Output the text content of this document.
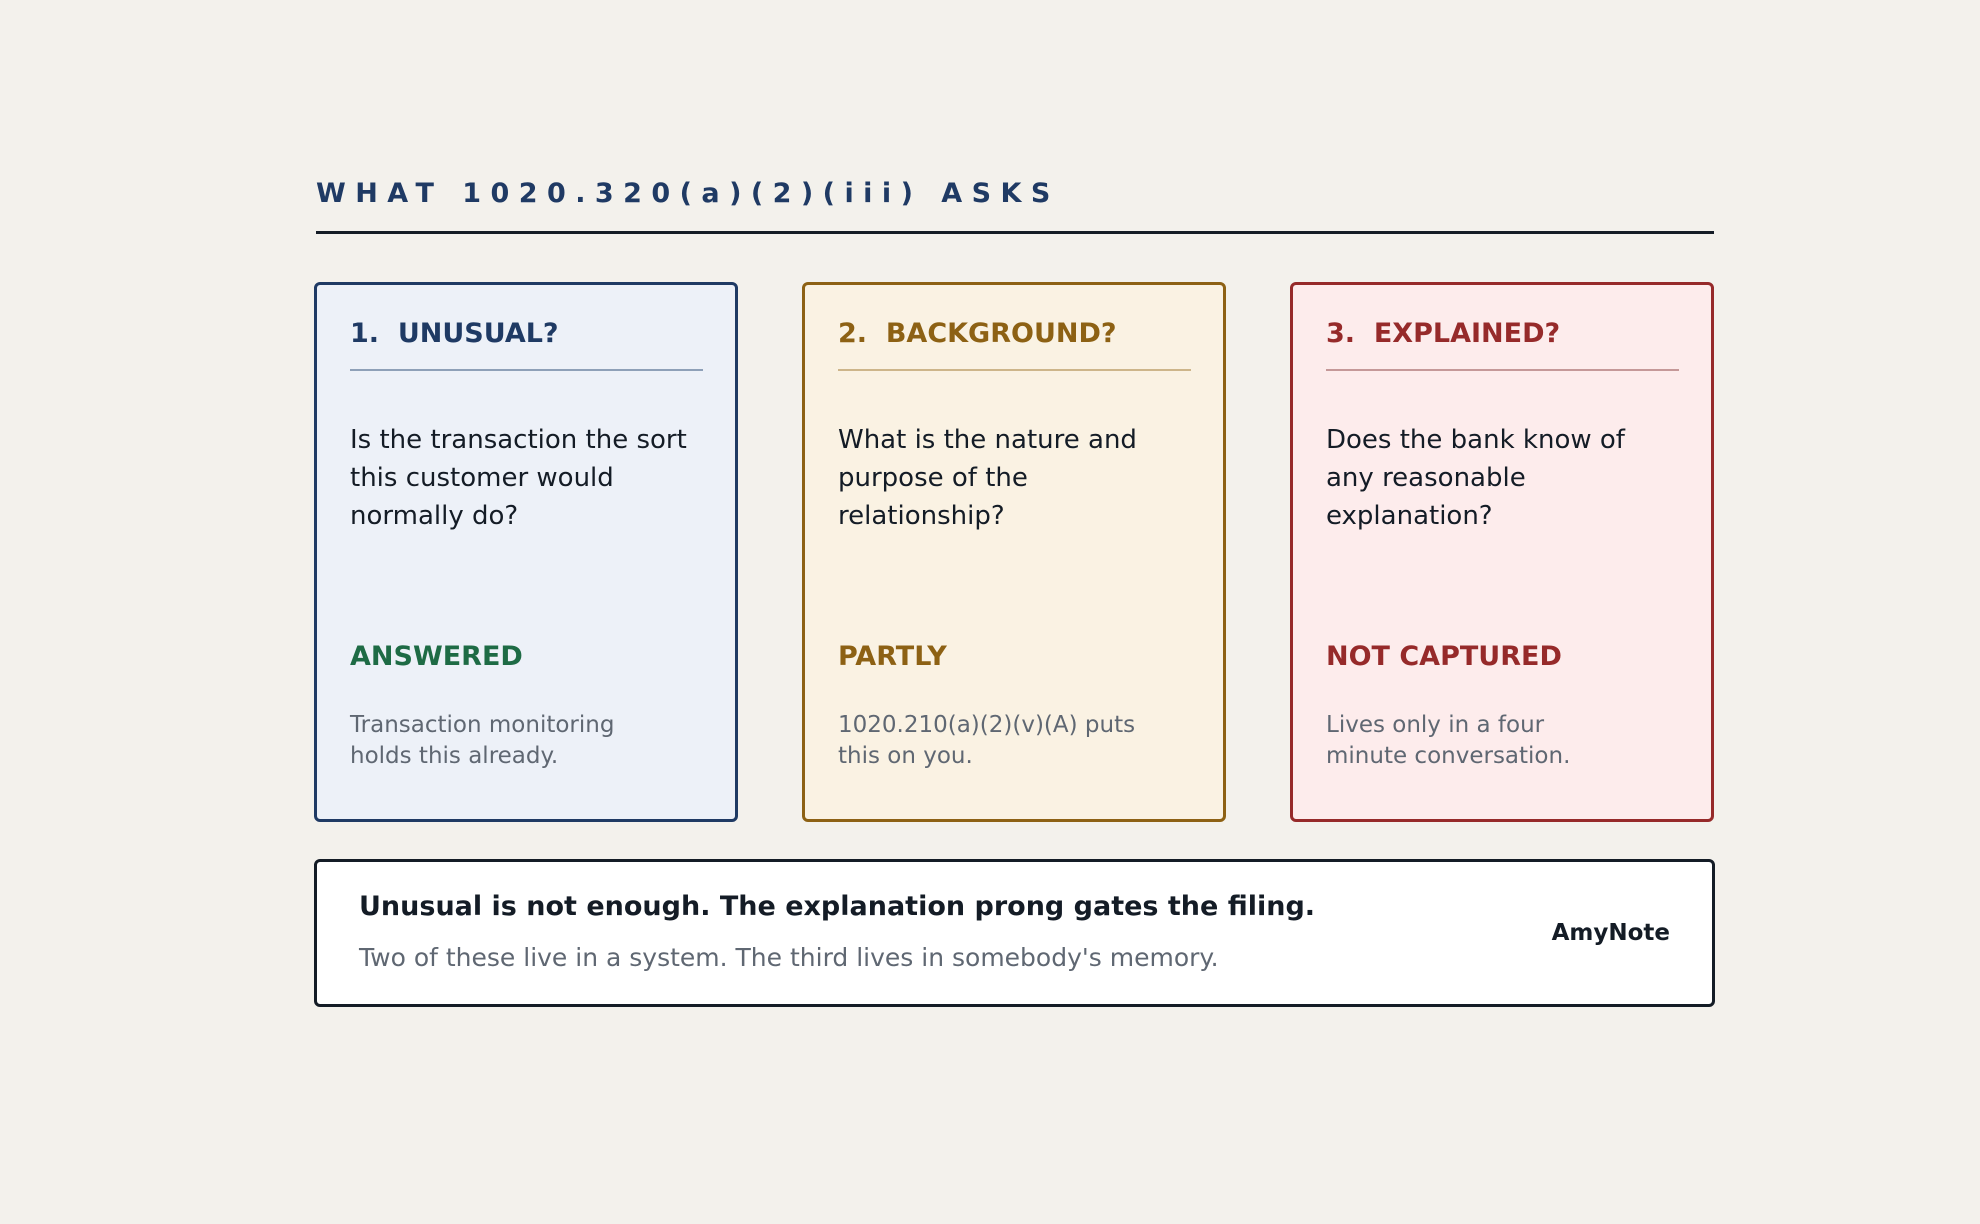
WHAT 1020.320(a)(2)(iii) ASKS
1.  UNUSUAL?

Is the transaction the sort this customer would normally do?

ANSWERED

Transaction monitoring holds this already.

2.  BACKGROUND?

What is the nature and purpose of the relationship?

PARTLY

1020.210(a)(2)(v)(A) puts this on you.

3.  EXPLAINED?

Does the bank know of any reasonable explanation?

NOT CAPTURED

Lives only in a four minute conversation.

Unusual is not enough. The explanation prong gates the filing.

Two of these live in a system. The third lives in somebody's memory.

AmyNote
